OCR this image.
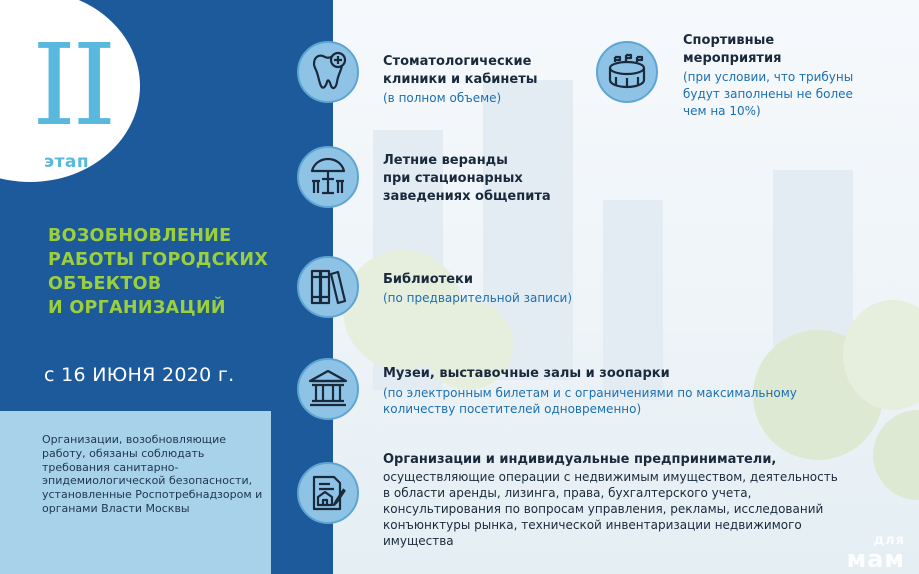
II
этап
ВОЗОБНОВЛЕНИЕ
РАБОТЫ ГОРОДСКИХ
ОБЪЕКТОВ
И ОРГАНИЗАЦИЙ
с 16 ИЮНЯ 2020 г.
Организации, возобновляющие работу, обязаны соблюдать требования санитарно-эпидемиологической безопасности, установленные Роспотребнадзором и органами Власти Москвы
Стоматологические
клиники и кабинеты
(в полном объеме)
Спортивные
мероприятия
(при условии, что трибуны
будут заполнены не более
чем на 10%)
Летние веранды
при стационарных
заведениях общепита
Библиотеки
(по предварительной записи)
Музеи, выставочные залы и зоопарки
(по электронным билетам и с ограничениями по максимальному
количеству посетителей одновременно)
Организации и индивидуальные предприниматели,
осуществляющие операции с недвижимым имуществом, деятельность
в области аренды, лизинга, права, бухгалтерского учета,
консультирования по вопросам управления, рекламы, исследований
конъюнктуры рынка, технической инвентаризации недвижимого
имущества	для
мам
